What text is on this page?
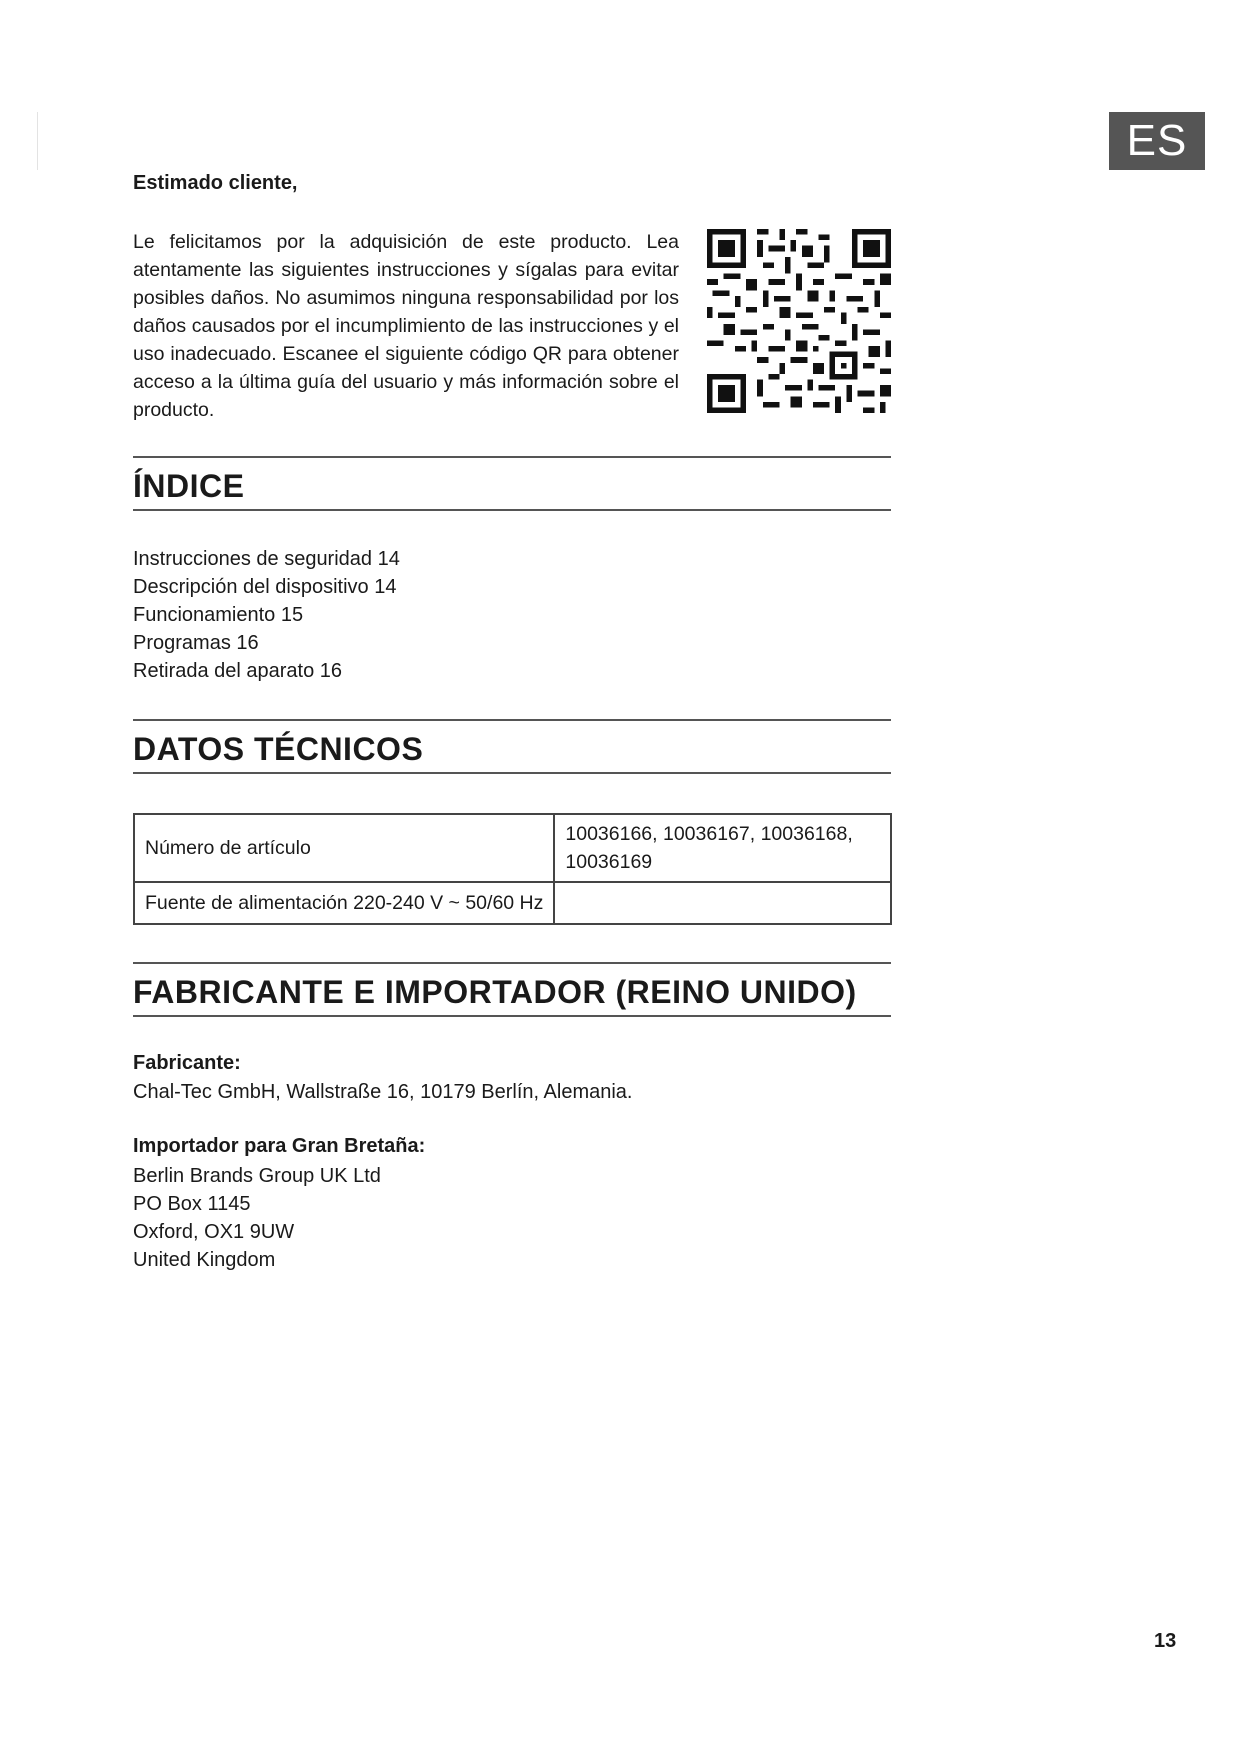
ES
Estimado cliente,

Le felicitamos por la adquisición de este producto. Lea atentamente las siguientes instrucciones y sígalas para evitar posibles daños. No asumimos ninguna responsabilidad por los daños causados por el incumplimiento de las instrucciones y el uso inadecuado. Escanee el siguiente código QR para obtener acceso a la última guía del usuario y más información sobre el producto.

ÍNDICE
Instrucciones de seguridad 14
Descripción del dispositivo 14
Funcionamiento 15
Programas 16
Retirada del aparato 16
DATOS TÉCNICOS
Número de artículo	10036166, 10036167, 10036168, 10036169
Fuente de alimentación 220-240 V ~ 50/60 Hz	
FABRICANTE E IMPORTADOR (REINO UNIDO)
Fabricante:
Chal-Tec GmbH, Wallstraße 16, 10179 Berlín, Alemania.
Importador para Gran Bretaña:
Berlin Brands Group UK Ltd
PO Box 1145
Oxford, OX1 9UW
United Kingdom
13
